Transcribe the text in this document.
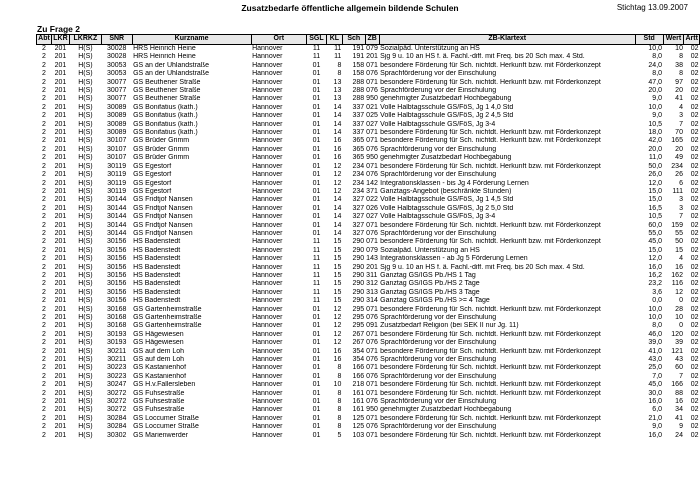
Zusatzbedarfe öffentliche allgemein bildende Schulen	Stichtag 13.09.2007
Zu Frage 2
Abt	LKR	LKRKZ	SNR	Kurzname	Ort	SGL	KL	Sch	ZB	ZB-Klartext	Std	Wert	Artt
2	201	H(S)	30028	HRS Heinrich Heine	Hannover	11	11	191	079	Sozialpäd. Unterstützung an HS	10,0	10	02
2	201	H(S)	30028	HRS Heinrich Heine	Hannover	11	11	191	201	Sjg 9 u. 10 an HS f. ä. Fachl.-diff. mit Freq. bis 20 Sch max. 4 Std.	8,0	8	02
2	201	H(S)	30053	GS an der Uhlandstraße	Hannover	01	8	158	071	besondere Förderung für Sch. nichtdt. Herkunft bzw. mit Förderkonzept	24,0	38	02
2	201	H(S)	30053	GS an der Uhlandstraße	Hannover	01	8	158	076	Sprachförderung vor der Einschulung	8,0	8	02
2	201	H(S)	30077	GS Beuthener Straße	Hannover	01	13	288	071	besondere Förderung für Sch. nichtdt. Herkunft bzw. mit Förderkonzept	47,0	97	02
2	201	H(S)	30077	GS Beuthener Straße	Hannover	01	13	288	076	Sprachförderung vor der Einschulung	20,0	20	02
2	201	H(S)	30077	GS Beuthener Straße	Hannover	01	13	288	950	genehmigter Zusatzbedarf Hochbegabung	9,0	41	02
2	201	H(S)	30089	GS Bonifatius (kath.)	Hannover	01	14	337	021	Volle Halbtagsschule GS/FöS, Jg 1 4,0 Std	10,0	4	02
2	201	H(S)	30089	GS Bonifatius (kath.)	Hannover	01	14	337	025	Volle Halbtagsschule GS/FöS, Jg 2 4,5 Std	9,0	3	02
2	201	H(S)	30089	GS Bonifatius (kath.)	Hannover	01	14	337	027	Volle Halbtagsschule GS/FöS, Jg 3-4	10,5	7	02
2	201	H(S)	30089	GS Bonifatius (kath.)	Hannover	01	14	337	071	besondere Förderung für Sch. nichtdt. Herkunft bzw. mit Förderkonzept	18,0	70	02
2	201	H(S)	30107	GS Brüder Grimm	Hannover	01	16	365	071	besondere Förderung für Sch. nichtdt. Herkunft bzw. mit Förderkonzept	42,0	165	02
2	201	H(S)	30107	GS Brüder Grimm	Hannover	01	16	365	076	Sprachförderung vor der Einschulung	20,0	20	02
2	201	H(S)	30107	GS Brüder Grimm	Hannover	01	16	365	950	genehmigter Zusatzbedarf Hochbegabung	11,0	49	02
2	201	H(S)	30119	GS Egestorf	Hannover	01	12	234	071	besondere Förderung für Sch. nichtdt. Herkunft bzw. mit Förderkonzept	50,0	234	02
2	201	H(S)	30119	GS Egestorf	Hannover	01	12	234	076	Sprachförderung vor der Einschulung	26,0	26	02
2	201	H(S)	30119	GS Egestorf	Hannover	01	12	234	142	Integrationsklassen - bis Jg 4 Förderung Lernen	12,0	6	02
2	201	H(S)	30119	GS Egestorf	Hannover	01	12	234	371	Ganztags-Angebot (beschränkte Stunden)	15,0	111	02
2	201	H(S)	30144	GS Fridtjof Nansen	Hannover	01	14	327	022	Volle Halbtagsschule GS/FöS, Jg 1 4,5 Std	15,0	3	02
2	201	H(S)	30144	GS Fridtjof Nansen	Hannover	01	14	327	026	Volle Halbtagsschule GS/FöS, Jg 2 5,0 Std	16,5	3	02
2	201	H(S)	30144	GS Fridtjof Nansen	Hannover	01	14	327	027	Volle Halbtagsschule GS/FöS, Jg 3-4	10,5	7	02
2	201	H(S)	30144	GS Fridtjof Nansen	Hannover	01	14	327	071	besondere Förderung für Sch. nichtdt. Herkunft bzw. mit Förderkonzept	60,0	159	02
2	201	H(S)	30144	GS Fridtjof Nansen	Hannover	01	14	327	076	Sprachförderung vor der Einschulung	55,0	55	02
2	201	H(S)	30156	HS Badenstedt	Hannover	11	15	290	071	besondere Förderung für Sch. nichtdt. Herkunft bzw. mit Förderkonzept	45,0	50	02
2	201	H(S)	30156	HS Badenstedt	Hannover	11	15	290	079	Sozialpäd. Unterstützung an HS	15,0	15	02
2	201	H(S)	30156	HS Badenstedt	Hannover	11	15	290	143	Integrationsklassen - ab Jg 5 Förderung Lernen	12,0	4	02
2	201	H(S)	30156	HS Badenstedt	Hannover	11	15	290	201	Sjg 9 u. 10 an HS f. ä. Fachl.-diff. mit Freq. bis 20 Sch max. 4 Std.	16,0	16	02
2	201	H(S)	30156	HS Badenstedt	Hannover	11	15	290	311	Ganztag GS/IGS Pb./HS 1 Tag	16,2	162	02
2	201	H(S)	30156	HS Badenstedt	Hannover	11	15	290	312	Ganztag GS/IGS Pb./HS 2 Tage	23,2	116	02
2	201	H(S)	30156	HS Badenstedt	Hannover	11	15	290	313	Ganztag GS/IGS Pb./HS 3 Tage	3,6	12	02
2	201	H(S)	30156	HS Badenstedt	Hannover	11	15	290	314	Ganztag GS/IGS Pb./HS >= 4 Tage	0,0	0	02
2	201	H(S)	30168	GS Gartenheimstraße	Hannover	01	12	295	071	besondere Förderung für Sch. nichtdt. Herkunft bzw. mit Förderkonzept	10,0	28	02
2	201	H(S)	30168	GS Gartenheimstraße	Hannover	01	12	295	076	Sprachförderung vor der Einschulung	10,0	10	02
2	201	H(S)	30168	GS Gartenheimstraße	Hannover	01	12	295	091	Zusatzbedarf Religion (bei SEK II nur Jg. 11)	8,0	0	02
2	201	H(S)	30193	GS Hägewiesen	Hannover	01	12	267	071	besondere Förderung für Sch. nichtdt. Herkunft bzw. mit Förderkonzept	46,0	120	02
2	201	H(S)	30193	GS Hägewiesen	Hannover	01	12	267	076	Sprachförderung vor der Einschulung	39,0	39	02
2	201	H(S)	30211	GS auf dem Loh	Hannover	01	16	354	071	besondere Förderung für Sch. nichtdt. Herkunft bzw. mit Förderkonzept	41,0	121	02
2	201	H(S)	30211	GS auf dem Loh	Hannover	01	16	354	076	Sprachförderung vor der Einschulung	43,0	43	02
2	201	H(S)	30223	GS Kastanienhof	Hannover	01	8	166	071	besondere Förderung für Sch. nichtdt. Herkunft bzw. mit Förderkonzept	25,0	60	02
2	201	H(S)	30223	GS Kastanienhof	Hannover	01	8	166	076	Sprachförderung vor der Einschulung	7,0	7	02
2	201	H(S)	30247	GS H.v.Fallersleben	Hannover	01	10	218	071	besondere Förderung für Sch. nichtdt. Herkunft bzw. mit Förderkonzept	45,0	166	02
2	201	H(S)	30272	GS Fuhsestraße	Hannover	01	8	161	071	besondere Förderung für Sch. nichtdt. Herkunft bzw. mit Förderkonzept	30,0	88	02
2	201	H(S)	30272	GS Fuhsestraße	Hannover	01	8	161	076	Sprachförderung vor der Einschulung	16,0	16	02
2	201	H(S)	30272	GS Fuhsestraße	Hannover	01	8	161	950	genehmigter Zusatzbedarf Hochbegabung	6,0	34	02
2	201	H(S)	30284	GS Loccumer Straße	Hannover	01	8	125	071	besondere Förderung für Sch. nichtdt. Herkunft bzw. mit Förderkonzept	21,0	41	02
2	201	H(S)	30284	GS Loccumer Straße	Hannover	01	8	125	076	Sprachförderung vor der Einschulung	9,0	9	02
2	201	H(S)	30302	GS Marienwerder	Hannover	01	5	103	071	besondere Förderung für Sch. nichtdt. Herkunft bzw. mit Förderkonzept	16,0	24	02
